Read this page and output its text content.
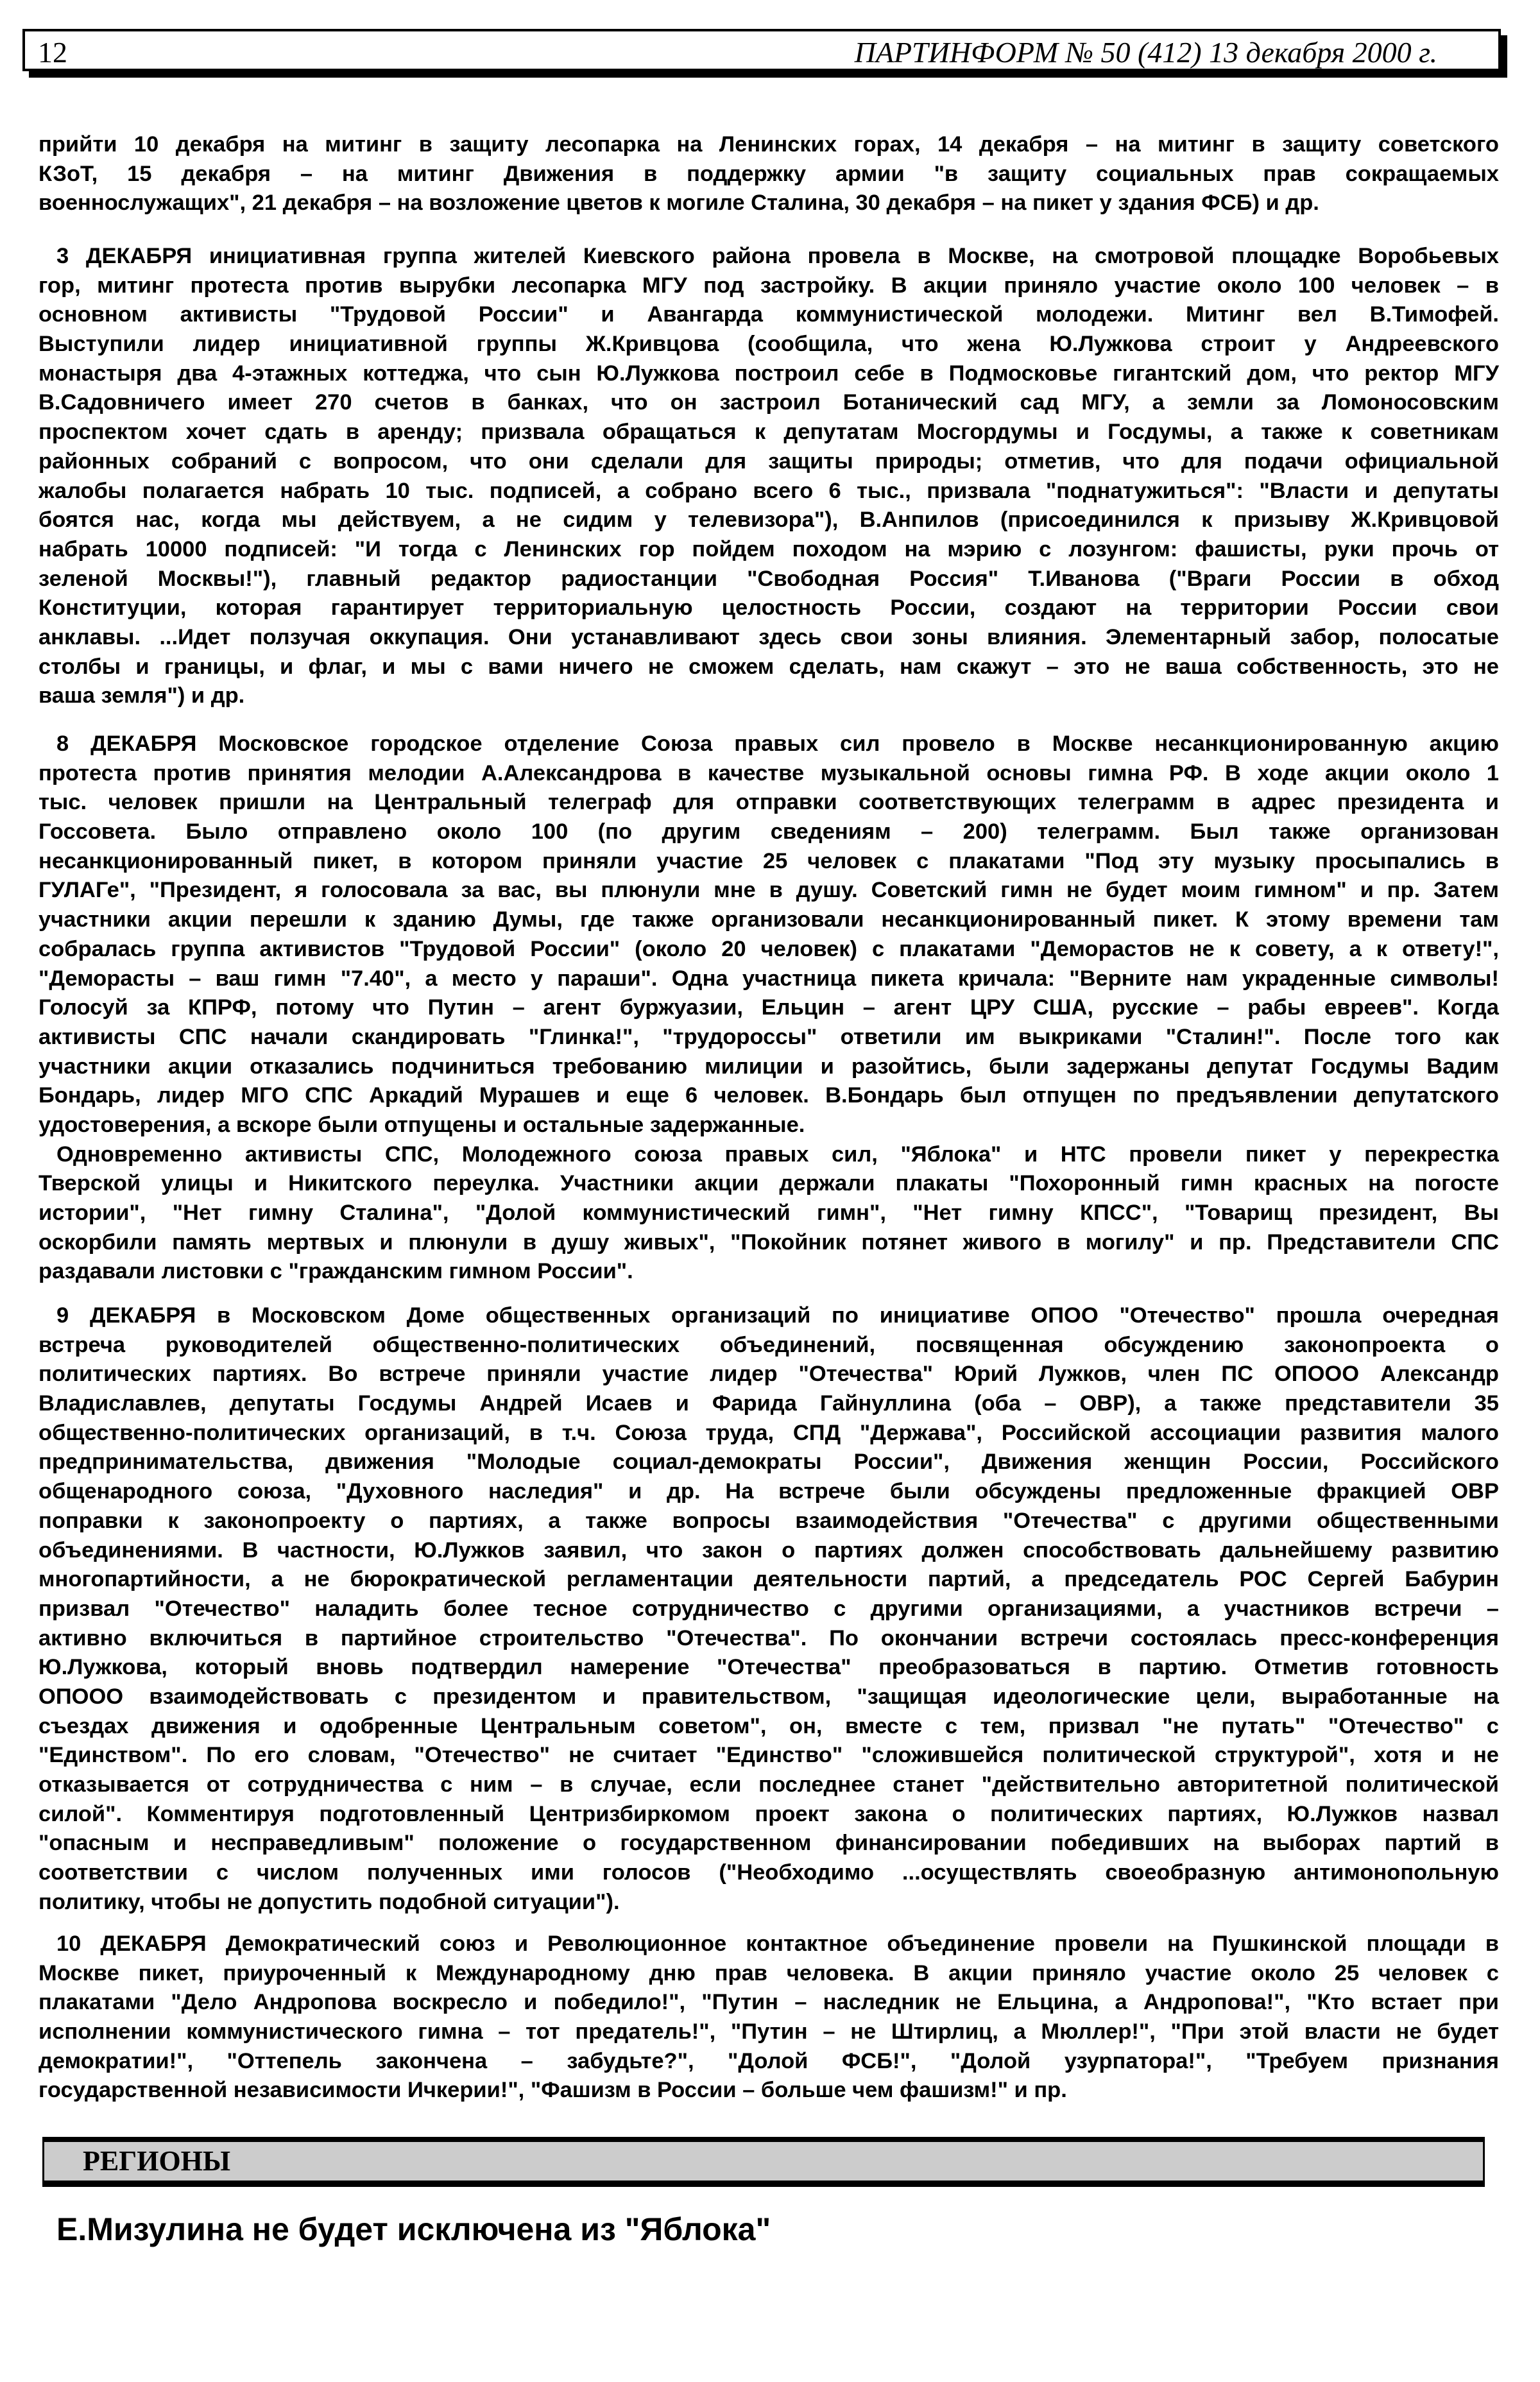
12	ПАРТИНФОРМ № 50 (412) 13 декабря 2000 г.
прийти 10 декабря на митинг в защиту лесопарка на Ленинских горах, 14 декабря – на митинг в защиту советского
КЗоТ, 15 декабря – на митинг Движения в поддержку армии "в защиту социальных прав сокращаемых
военнослужащих", 21 декабря – на возложение цветов к могиле Сталина, 30 декабря – на пикет у здания ФСБ) и др.
3 ДЕКАБРЯ инициативная группа жителей Киевского района провела в Москве, на смотровой площадке Воробьевых
гор, митинг протеста против вырубки лесопарка МГУ под застройку. В акции приняло участие около 100 человек – в
основном активисты "Трудовой России" и Авангарда коммунистической молодежи. Митинг вел В.Тимофей.
Выступили лидер инициативной группы Ж.Кривцова (сообщила, что жена Ю.Лужкова строит у Андреевского
монастыря два 4-этажных коттеджа, что сын Ю.Лужкова построил себе в Подмосковье гигантский дом, что ректор МГУ
В.Садовничего имеет 270 счетов в банках, что он застроил Ботанический сад МГУ, а земли за Ломоносовским
проспектом хочет сдать в аренду; призвала обращаться к депутатам Мосгордумы и Госдумы, а также к советникам
районных собраний с вопросом, что они сделали для защиты природы; отметив, что для подачи официальной
жалобы полагается набрать 10 тыс. подписей, а собрано всего 6 тыс., призвала "поднатужиться": "Власти и депутаты
боятся нас, когда мы действуем, а не сидим у телевизора"), В.Анпилов (присоединился к призыву Ж.Кривцовой
набрать 10000 подписей: "И тогда с Ленинских гор пойдем походом на мэрию с лозунгом: фашисты, руки прочь от
зеленой Москвы!"), главный редактор радиостанции "Свободная Россия" Т.Иванова ("Враги России в обход
Конституции, которая гарантирует территориальную целостность России, создают на территории России свои
анклавы. ...Идет ползучая оккупация. Они устанавливают здесь свои зоны влияния. Элементарный забор, полосатые
столбы и границы, и флаг, и мы с вами ничего не сможем сделать, нам скажут – это не ваша собственность, это не
ваша земля") и др.
8 ДЕКАБРЯ Московское городское отделение Союза правых сил провело в Москве несанкционированную акцию
протеста против принятия мелодии А.Александрова в качестве музыкальной основы гимна РФ. В ходе акции около 1
тыс. человек пришли на Центральный телеграф для отправки соответствующих телеграмм в адрес президента и
Госсовета. Было отправлено около 100 (по другим сведениям – 200) телеграмм. Был также организован
несанкционированный пикет, в котором приняли участие 25 человек с плакатами "Под эту музыку просыпались в
ГУЛАГе", "Президент, я голосовала за вас, вы плюнули мне в душу. Советский гимн не будет моим гимном" и пр. Затем
участники акции перешли к зданию Думы, где также организовали несанкционированный пикет. К этому времени там
собралась группа активистов "Трудовой России" (около 20 человек) с плакатами "Деморастов не к совету, а к ответу!",
"Деморасты – ваш гимн "7.40", а место у параши". Одна участница пикета кричала: "Верните нам украденные символы!
Голосуй за КПРФ, потому что Путин – агент буржуазии, Ельцин – агент ЦРУ США, русские – рабы евреев". Когда
активисты СПС начали скандировать "Глинка!", "трудороссы" ответили им выкриками "Сталин!". После того как
участники акции отказались подчиниться требованию милиции и разойтись, были задержаны депутат Госдумы Вадим
Бондарь, лидер МГО СПС Аркадий Мурашев и еще 6 человек. В.Бондарь был отпущен по предъявлении депутатского
удостоверения, а вскоре были отпущены и остальные задержанные.
Одновременно активисты СПС, Молодежного союза правых сил, "Яблока" и НТС провели пикет у перекрестка
Тверской улицы и Никитского переулка. Участники акции держали плакаты "Похоронный гимн красных на погосте
истории", "Нет гимну Сталина", "Долой коммунистический гимн", "Нет гимну КПСС", "Товарищ президент, Вы
оскорбили память мертвых и плюнули в душу живых", "Покойник потянет живого в могилу" и пр. Представители СПС
раздавали листовки с "гражданским гимном России".
9 ДЕКАБРЯ в Московском Доме общественных организаций по инициативе ОПОО "Отечество" прошла очередная
встреча руководителей общественно-политических объединений, посвященная обсуждению законопроекта о
политических партиях. Во встрече приняли участие лидер "Отечества" Юрий Лужков, член ПС ОПООО Александр
Владиславлев, депутаты Госдумы Андрей Исаев и Фарида Гайнуллина (оба – ОВР), а также представители 35
общественно-политических организаций, в т.ч. Союза труда, СПД "Держава", Российской ассоциации развития малого
предпринимательства, движения "Молодые социал-демократы России", Движения женщин России, Российского
общенародного союза, "Духовного наследия" и др. На встрече были обсуждены предложенные фракцией ОВР
поправки к законопроекту о партиях, а также вопросы взаимодействия "Отечества" с другими общественными
объединениями. В частности, Ю.Лужков заявил, что закон о партиях должен способствовать дальнейшему развитию
многопартийности, а не бюрократической регламентации деятельности партий, а председатель РОС Сергей Бабурин
призвал "Отечество" наладить более тесное сотрудничество с другими организациями, а участников встречи –
активно включиться в партийное строительство "Отечества". По окончании встречи состоялась пресс-конференция
Ю.Лужкова, который вновь подтвердил намерение "Отечества" преобразоваться в партию. Отметив готовность
ОПООО взаимодействовать с президентом и правительством, "защищая идеологические цели, выработанные на
съездах движения и одобренные Центральным советом", он, вместе с тем, призвал "не путать" "Отечество" с
"Единством". По его словам, "Отечество" не считает "Единство" "сложившейся политической структурой", хотя и не
отказывается от сотрудничества с ним – в случае, если последнее станет "действительно авторитетной политической
силой". Комментируя подготовленный Центризбиркомом проект закона о политических партиях, Ю.Лужков назвал
"опасным и несправедливым" положение о государственном финансировании победивших на выборах партий в
соответствии с числом полученных ими голосов ("Необходимо ...осуществлять своеобразную антимонопольную
политику, чтобы не допустить подобной ситуации").
10 ДЕКАБРЯ Демократический союз и Революционное контактное объединение провели на Пушкинской площади в
Москве пикет, приуроченный к Международному дню прав человека. В акции приняло участие около 25 человек с
плакатами "Дело Андропова воскресло и победило!", "Путин – наследник не Ельцина, а Андропова!", "Кто встает при
исполнении коммунистического гимна – тот предатель!", "Путин – не Штирлиц, а Мюллер!", "При этой власти не будет
демократии!", "Оттепель закончена – забудьте?", "Долой ФСБ!", "Долой узурпатора!", "Требуем признания
государственной независимости Ичкерии!", "Фашизм в России – больше чем фашизм!" и пр.
РЕГИОНЫ
Е.Мизулина не будет исключена из "Яблока"
